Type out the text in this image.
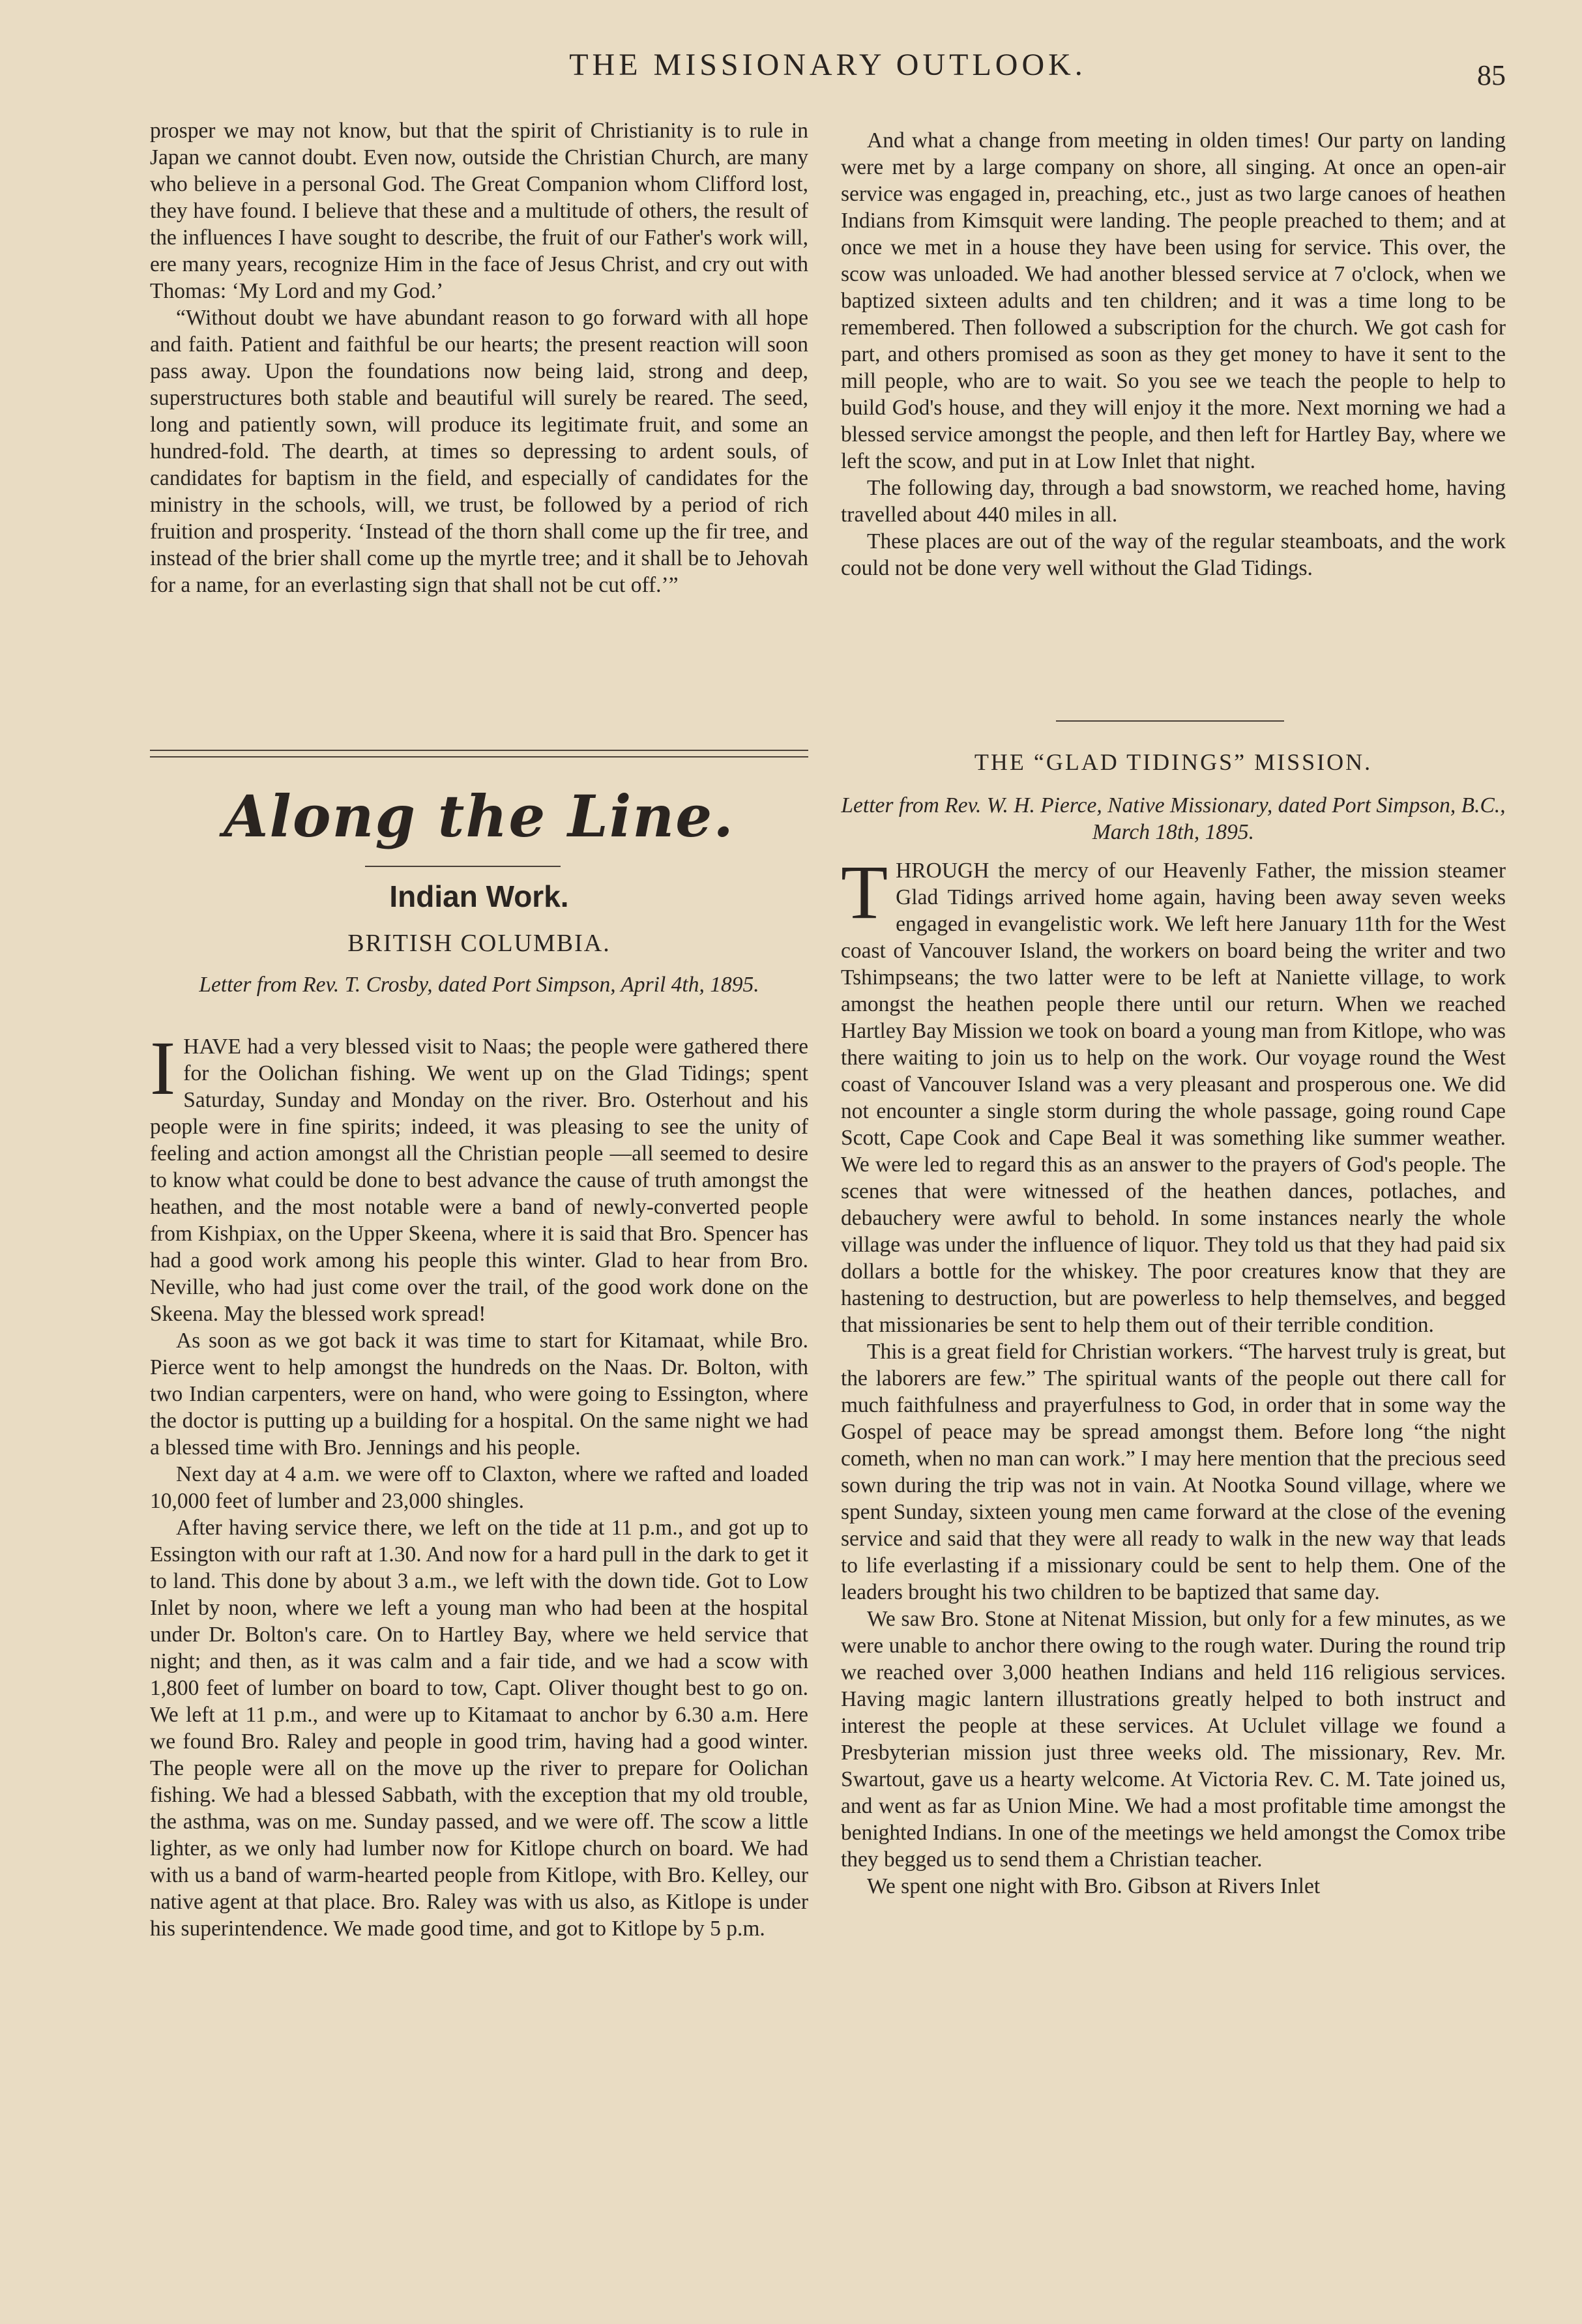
THE MISSIONARY OUTLOOK.	85

prosper we may not know, but that the spirit of Christianity is to rule in Japan we cannot doubt. Even now, outside the Christian Church, are many who believe in a personal God. The Great Companion whom Clifford lost, they have found. I believe that these and a multitude of others, the result of the influences I have sought to describe, the fruit of our Father's work will, ere many years, recognize Him in the face of Jesus Christ, and cry out with Thomas: ‘My Lord and my God.’

“Without doubt we have abundant reason to go forward with all hope and faith. Patient and faithful be our hearts; the present reaction will soon pass away. Upon the foundations now being laid, strong and deep, superstructures both stable and beautiful will surely be reared. The seed, long and patiently sown, will produce its legitimate fruit, and some an hundred-fold. The dearth, at times so depressing to ardent souls, of candidates for baptism in the field, and especially of candidates for the ministry in the schools, will, we trust, be followed by a period of rich fruition and prosperity. ‘Instead of the thorn shall come up the fir tree, and instead of the brier shall come up the myrtle tree; and it shall be to Jehovah for a name, for an everlasting sign that shall not be cut off.’”

Along the Line.
Indian Work.
BRITISH COLUMBIA.
Letter from Rev. T. Crosby, dated Port Simpson, April 4th, 1895.

IHAVE had a very blessed visit to Naas; the people were gathered there for the Oolichan fishing. We went up on the Glad Tidings; spent Saturday, Sunday and Monday on the river. Bro. Osterhout and his people were in fine spirits; indeed, it was pleasing to see the unity of feeling and action amongst all the Christian people —all seemed to desire to know what could be done to best advance the cause of truth amongst the heathen, and the most notable were a band of newly-converted people from Kishpiax, on the Upper Skeena, where it is said that Bro. Spencer has had a good work among his people this winter. Glad to hear from Bro. Neville, who had just come over the trail, of the good work done on the Skeena. May the blessed work spread!

As soon as we got back it was time to start for Kitamaat, while Bro. Pierce went to help amongst the hundreds on the Naas. Dr. Bolton, with two Indian carpenters, were on hand, who were going to Essington, where the doctor is putting up a building for a hospital. On the same night we had a blessed time with Bro. Jennings and his people.

Next day at 4 a.m. we were off to Claxton, where we rafted and loaded 10,000 feet of lumber and 23,000 shingles.

After having service there, we left on the tide at 11 p.m., and got up to Essington with our raft at 1.30. And now for a hard pull in the dark to get it to land. This done by about 3 a.m., we left with the down tide. Got to Low Inlet by noon, where we left a young man who had been at the hospital under Dr. Bolton's care. On to Hartley Bay, where we held service that night; and then, as it was calm and a fair tide, and we had a scow with 1,800 feet of lumber on board to tow, Capt. Oliver thought best to go on. We left at 11 p.m., and were up to Kitamaat to anchor by 6.30 a.m. Here we found Bro. Raley and people in good trim, having had a good winter. The people were all on the move up the river to prepare for Oolichan fishing. We had a blessed Sabbath, with the exception that my old trouble, the asthma, was on me. Sunday passed, and we were off. The scow a little lighter, as we only had lumber now for Kitlope church on board. We had with us a band of warm-hearted people from Kitlope, with Bro. Kelley, our native agent at that place. Bro. Raley was with us also, as Kitlope is under his superintendence. We made good time, and got to Kitlope by 5 p.m.

And what a change from meeting in olden times! Our party on landing were met by a large company on shore, all singing. At once an open-air service was engaged in, preaching, etc., just as two large canoes of heathen Indians from Kimsquit were landing. The people preached to them; and at once we met in a house they have been using for service. This over, the scow was unloaded. We had another blessed service at 7 o'clock, when we baptized sixteen adults and ten children; and it was a time long to be remembered. Then followed a subscription for the church. We got cash for part, and others promised as soon as they get money to have it sent to the mill people, who are to wait. So you see we teach the people to help to build God's house, and they will enjoy it the more. Next morning we had a blessed service amongst the people, and then left for Hartley Bay, where we left the scow, and put in at Low Inlet that night.

The following day, through a bad snowstorm, we reached home, having travelled about 440 miles in all.

These places are out of the way of the regular steamboats, and the work could not be done very well without the Glad Tidings.

THE “GLAD TIDINGS” MISSION.
Letter from Rev. W. H. Pierce, Native Missionary, dated Port Simpson, B.C., March 18th, 1895.

THROUGH the mercy of our Heavenly Father, the mission steamer Glad Tidings arrived home again, having been away seven weeks engaged in evangelistic work. We left here January 11th for the West coast of Vancouver Island, the workers on board being the writer and two Tshimpseans; the two latter were to be left at Naniette village, to work amongst the heathen people there until our return. When we reached Hartley Bay Mission we took on board a young man from Kitlope, who was there waiting to join us to help on the work. Our voyage round the West coast of Vancouver Island was a very pleasant and prosperous one. We did not encounter a single storm during the whole passage, going round Cape Scott, Cape Cook and Cape Beal it was something like summer weather. We were led to regard this as an answer to the prayers of God's people. The scenes that were witnessed of the heathen dances, potlaches, and debauchery were awful to behold. In some instances nearly the whole village was under the influence of liquor. They told us that they had paid six dollars a bottle for the whiskey. The poor creatures know that they are hastening to destruction, but are powerless to help themselves, and begged that missionaries be sent to help them out of their terrible condition.

This is a great field for Christian workers. “The harvest truly is great, but the laborers are few.” The spiritual wants of the people out there call for much faithfulness and prayerfulness to God, in order that in some way the Gospel of peace may be spread amongst them. Before long “the night cometh, when no man can work.” I may here mention that the precious seed sown during the trip was not in vain. At Nootka Sound village, where we spent Sunday, sixteen young men came forward at the close of the evening service and said that they were all ready to walk in the new way that leads to life everlasting if a missionary could be sent to help them. One of the leaders brought his two children to be baptized that same day.

We saw Bro. Stone at Nitenat Mission, but only for a few minutes, as we were unable to anchor there owing to the rough water. During the round trip we reached over 3,000 heathen Indians and held 116 religious services. Having magic lantern illustrations greatly helped to both instruct and interest the people at these services. At Uclulet village we found a Presbyterian mission just three weeks old. The missionary, Rev. Mr. Swartout, gave us a hearty welcome. At Victoria Rev. C. M. Tate joined us, and went as far as Union Mine. We had a most profitable time amongst the benighted Indians. In one of the meetings we held amongst the Comox tribe they begged us to send them a Christian teacher.

We spent one night with Bro. Gibson at Rivers Inlet
